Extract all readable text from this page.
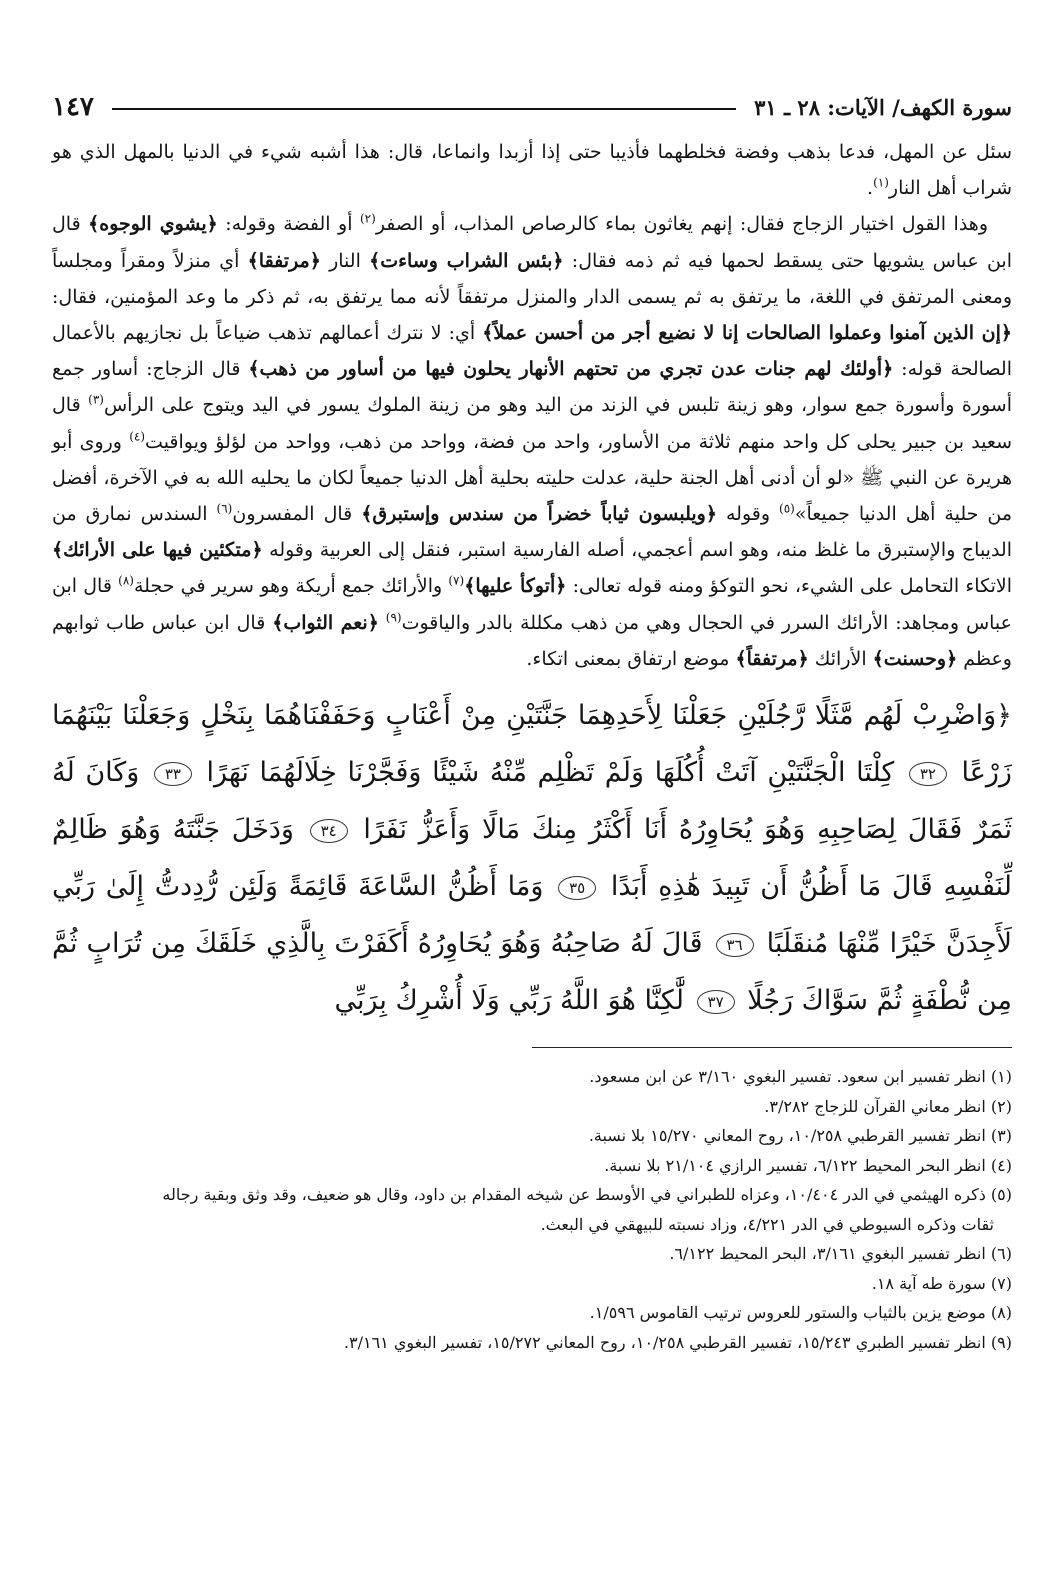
سورة الكهف/ الآيات: ٢٨ ـ ٣١
١٤٧

سئل عن المهل، فدعا بذهب وفضة فخلطهما فأذيبا حتى إذا أزبدا وانماعا، قال: هذا أشبه شيء في الدنيا بالمهل الذي هو شراب أهل النار$^{(١)}$.

وهذا القول اختيار الزجاج فقال: إنهم يغاثون بماء كالرصاص المذاب، أو الصفر$^{(٢)}$ أو الفضة وقوله: ﴿يشوي الوجوه﴾ قال ابن عباس يشويها حتى يسقط لحمها فيه ثم ذمه فقال: ﴿بئس الشراب وساءت﴾ النار ﴿مرتفقا﴾ أي منزلاً ومقراً ومجلساً ومعنى المرتفق في اللغة، ما يرتفق به ثم يسمى الدار والمنزل مرتفقاً لأنه مما يرتفق به، ثم ذكر ما وعد المؤمنين، فقال: ﴿إن الذين آمنوا وعملوا الصالحات إنا لا نضيع أجر من أحسن عملاً﴾ أي: لا نترك أعمالهم تذهب ضياعاً بل نجازيهم بالأعمال الصالحة قوله: ﴿أولئك لهم جنات عدن تجري من تحتهم الأنهار يحلون فيها من أساور من ذهب﴾ قال الزجاج: أساور جمع أسورة وأسورة جمع سوار، وهو زينة تلبس في الزند من اليد وهو من زينة الملوك يسور في اليد ويتوج على الرأس$^{(٣)}$ قال سعيد بن جبير يحلى كل واحد منهم ثلاثة من الأساور، واحد من فضة، وواحد من ذهب، وواحد من لؤلؤ ويواقيت$^{(٤)}$ وروى أبو هريرة عن النبي ﷺ «لو أن أدنى أهل الجنة حلية، عدلت حليته بحلية أهل الدنيا جميعاً لكان ما يحليه الله به في الآخرة، أفضل من حلية أهل الدنيا جميعاً»$^{(٥)}$ وقوله ﴿ويلبسون ثياباً خضراً من سندس وإستبرق﴾ قال المفسرون$^{(٦)}$ السندس نمارق من الديباج والإستبرق ما غلظ منه، وهو اسم أعجمي، أصله الفارسية استبر، فنقل إلى العربية وقوله ﴿متكئين فيها على الأرائك﴾ الاتكاء التحامل على الشيء، نحو التوكؤ ومنه قوله تعالى: ﴿أتوكأ عليها﴾$^{(٧)}$ والأرائك جمع أريكة وهو سرير في حجلة$^{(٨)}$ قال ابن عباس ومجاهد: الأرائك السرر في الحجال وهي من ذهب مكللة بالدر والياقوت$^{(٩)}$ ﴿نعم الثواب﴾ قال ابن عباس طاب ثوابهم وعظم ﴿وحسنت﴾ الأرائك ﴿مرتفقاً﴾ موضع ارتفاق بمعنى اتكاء.

﴿وَاضْرِبْ لَهُم مَّثَلًا رَّجُلَيْنِ جَعَلْنَا لِأَحَدِهِمَا جَنَّتَيْنِ مِنْ أَعْنَابٍ وَحَفَفْنَاهُمَا بِنَخْلٍ وَجَعَلْنَا بَيْنَهُمَا زَرْعًا ٣٢ كِلْتَا الْجَنَّتَيْنِ آتَتْ أُكُلَهَا وَلَمْ تَظْلِم مِّنْهُ شَيْئًا وَفَجَّرْنَا خِلَالَهُمَا نَهَرًا ٣٣ وَكَانَ لَهُ ثَمَرٌ فَقَالَ لِصَاحِبِهِ وَهُوَ يُحَاوِرُهُ أَنَا أَكْثَرُ مِنكَ مَالًا وَأَعَزُّ نَفَرًا ٣٤ وَدَخَلَ جَنَّتَهُ وَهُوَ ظَالِمٌ لِّنَفْسِهِ قَالَ مَا أَظُنُّ أَن تَبِيدَ هَٰذِهِ أَبَدًا ٣٥ وَمَا أَظُنُّ السَّاعَةَ قَائِمَةً وَلَئِن رُّدِدتُّ إِلَىٰ رَبِّي لَأَجِدَنَّ خَيْرًا مِّنْهَا مُنقَلَبًا ٣٦ قَالَ لَهُ صَاحِبُهُ وَهُوَ يُحَاوِرُهُ أَكَفَرْتَ بِالَّذِي خَلَقَكَ مِن تُرَابٍ ثُمَّ مِن نُّطْفَةٍ ثُمَّ سَوَّاكَ رَجُلًا ٣٧ لَّٰكِنَّا هُوَ اللَّهُ رَبِّي وَلَا أُشْرِكُ بِرَبِّي
(١) انظر تفسير ابن سعود. تفسير البغوي ٣/١٦٠ عن ابن مسعود.
(٢) انظر معاني القرآن للزجاج ٣/٢٨٢.
(٣) انظر تفسير القرطبي ١٠/٢٥٨، روح المعاني ١٥/٢٧٠ بلا نسبة.
(٤) انظر البحر المحيط ٦/١٢٢، تفسير الرازي ٢١/١٠٤ بلا نسبة.
(٥) ذكره الهيثمي في الدر ١٠/٤٠٤، وعزاه للطبراني في الأوسط عن شيخه المقدام بن داود، وقال هو ضعيف، وقد وثق وبقية رجاله
ثقات وذكره السيوطي في الدر ٤/٢٢١، وزاد نسبته للبيهقي في البعث.
(٦) انظر تفسير البغوي ٣/١٦١، البحر المحيط ٦/١٢٢.
(٧) سورة طه آية ١٨.
(٨) موضع يزين بالثياب والستور للعروس ترتيب القاموس ١/٥٩٦.
(٩) انظر تفسير الطبري ١٥/٢٤٣، تفسير القرطبي ١٠/٢٥٨، روح المعاني ١٥/٢٧٢، تفسير البغوي ٣/١٦١.
